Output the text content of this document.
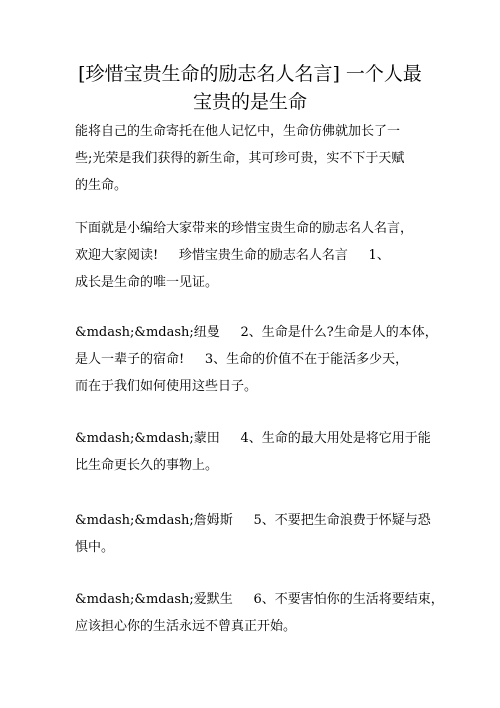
[珍惜宝贵生命的励志名人名言] 一个人最
宝贵的是生命
能将自己的生命寄托在他人记忆中，生命仿佛就加长了一
些;光荣是我们获得的新生命，其可珍可贵，实不下于天赋
的生命。
下面就是小编给大家带来的珍惜宝贵生命的励志名人名言，
欢迎大家阅读!     珍惜宝贵生命的励志名人名言     1、
成长是生命的唯一见证。
&mdash;&mdash;纽曼     2、生命是什么?生命是人的本体，
是人一辈子的宿命!     3、生命的价值不在于能活多少天，
而在于我们如何使用这些日子。
&mdash;&mdash;蒙田     4、生命的最大用处是将它用于能
比生命更长久的事物上。
&mdash;&mdash;詹姆斯     5、不要把生命浪费于怀疑与恐
惧中。
&mdash;&mdash;爱默生     6、不要害怕你的生活将要结束，
应该担心你的生活永远不曾真正开始。
